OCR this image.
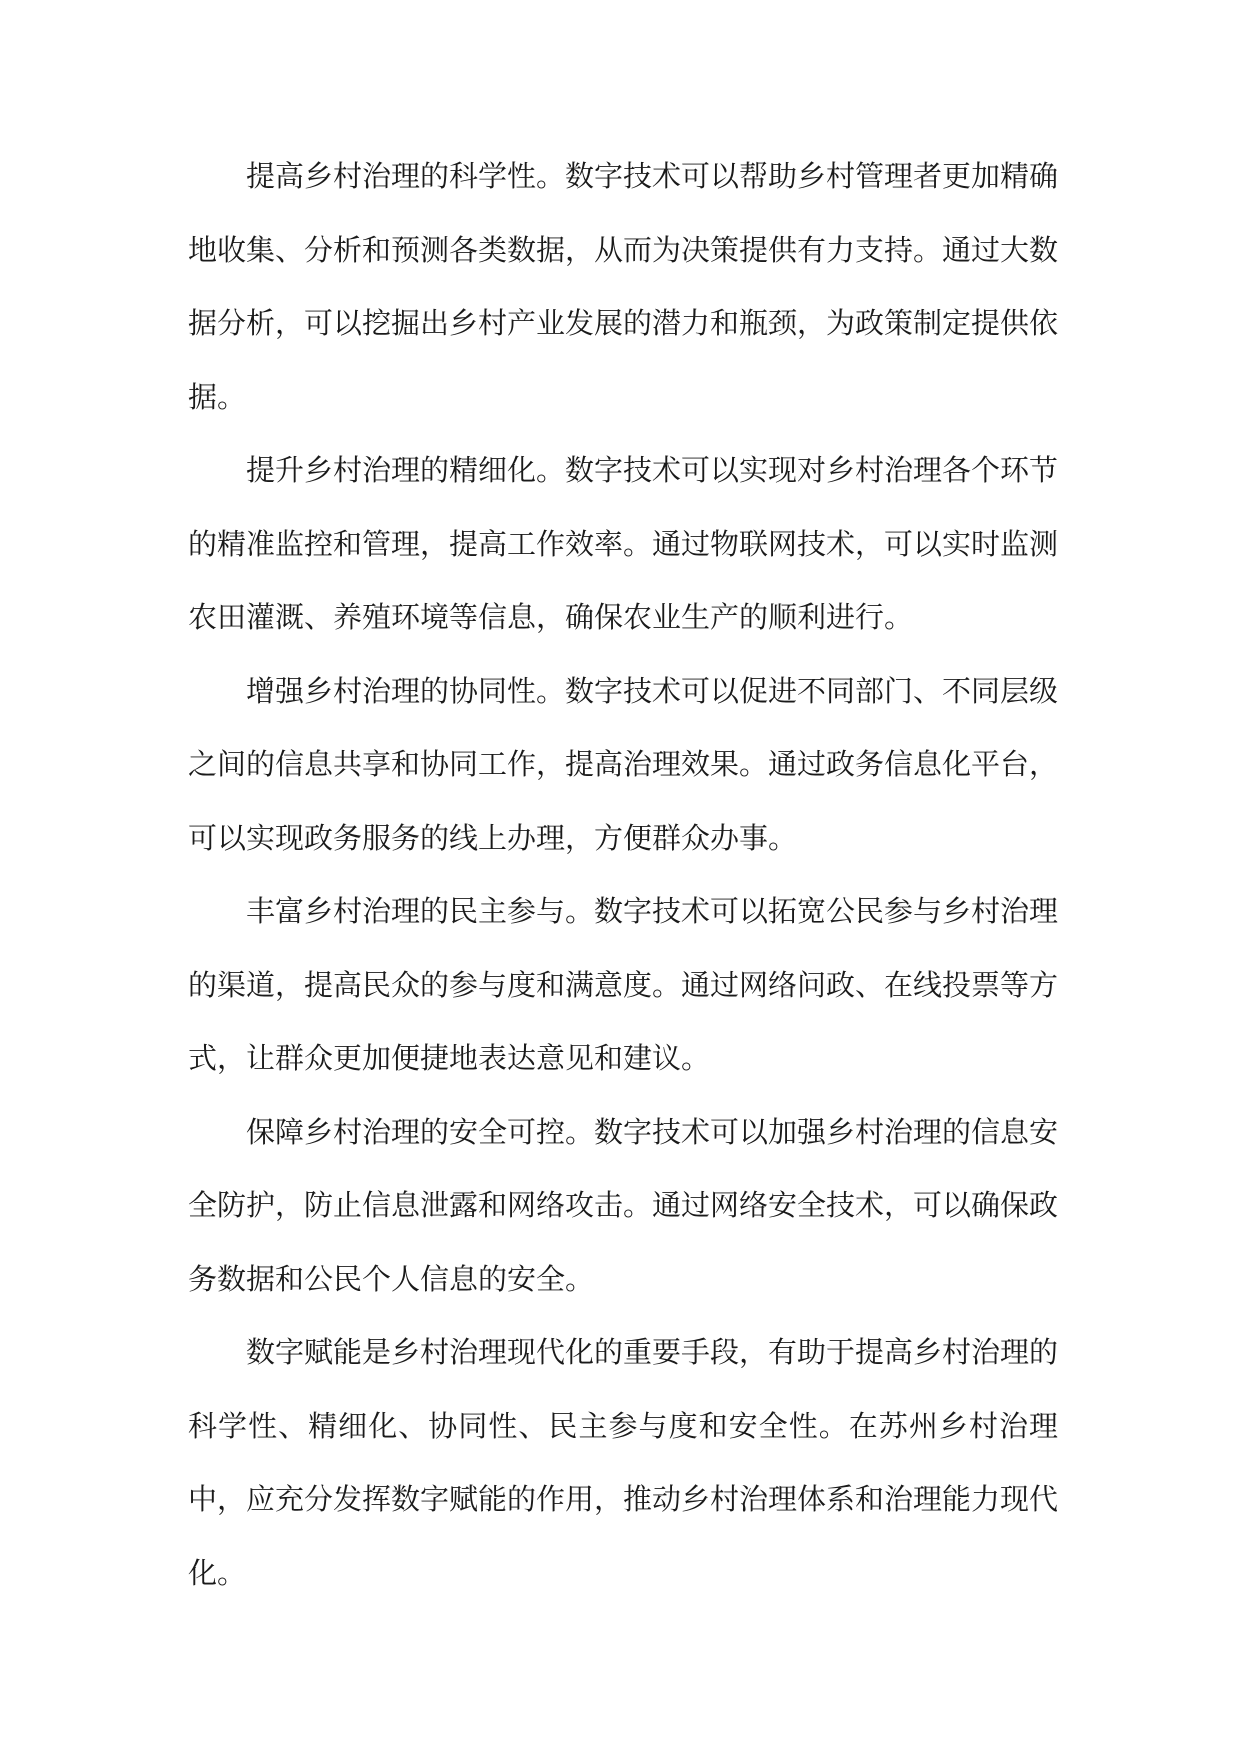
提高乡村治理的科学性。数字技术可以帮助乡村管理者更加精确地收集、分析和预测各类数据，从而为决策提供有力支持。通过大数据分析，可以挖掘出乡村产业发展的潜力和瓶颈，为政策制定提供依据。

提升乡村治理的精细化。数字技术可以实现对乡村治理各个环节的精准监控和管理，提高工作效率。通过物联网技术，可以实时监测农田灌溉、养殖环境等信息，确保农业生产的顺利进行。

增强乡村治理的协同性。数字技术可以促进不同部门、不同层级之间的信息共享和协同工作，提高治理效果。通过政务信息化平台，可以实现政务服务的线上办理，方便群众办事。

丰富乡村治理的民主参与。数字技术可以拓宽公民参与乡村治理的渠道，提高民众的参与度和满意度。通过网络问政、在线投票等方式，让群众更加便捷地表达意见和建议。

保障乡村治理的安全可控。数字技术可以加强乡村治理的信息安全防护，防止信息泄露和网络攻击。通过网络安全技术，可以确保政务数据和公民个人信息的安全。

数字赋能是乡村治理现代化的重要手段，有助于提高乡村治理的科学性、精细化、协同性、民主参与度和安全性。在苏州乡村治理中，应充分发挥数字赋能的作用，推动乡村治理体系和治理能力现代化。
